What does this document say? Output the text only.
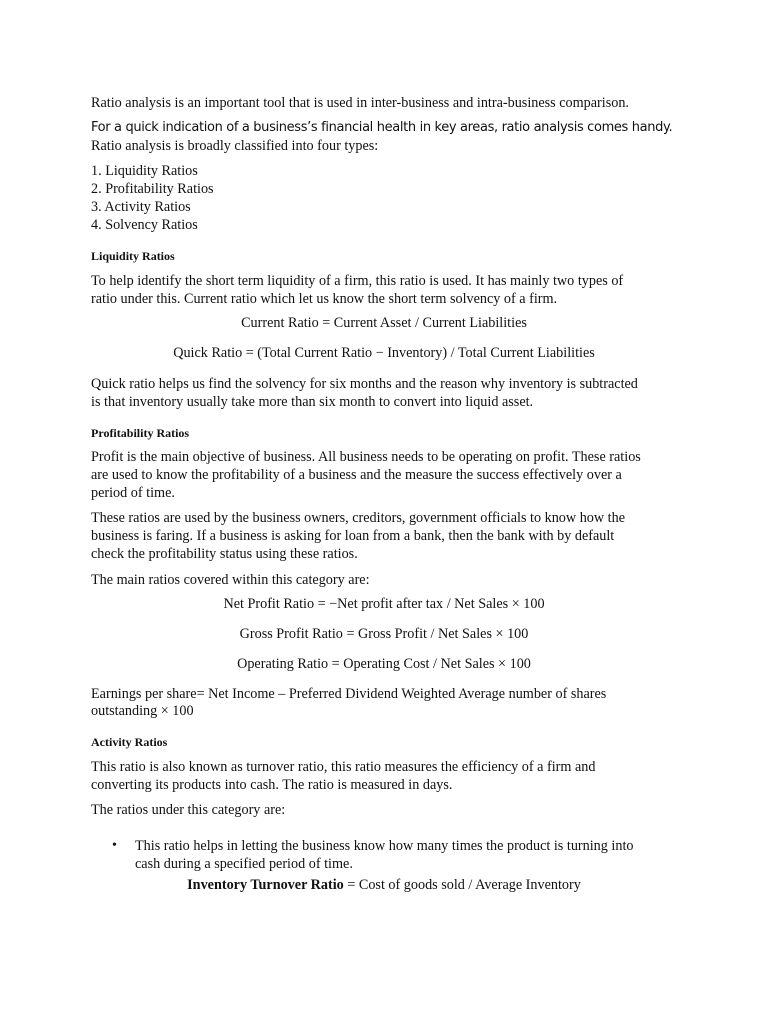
Ratio analysis is an important tool that is used in inter-business and intra-business comparison.
For a quick indication of a business’s financial health in key areas, ratio analysis comes handy.
Ratio analysis is broadly classified into four types:
1. Liquidity Ratios
2. Profitability Ratios
3. Activity Ratios
4. Solvency Ratios
Liquidity Ratios
To help identify the short term liquidity of a firm, this ratio is used. It has mainly two types of
ratio under this. Current ratio which let us know the short term solvency of a firm.
Current Ratio = Current Asset / Current Liabilities
Quick Ratio = (Total Current Ratio − Inventory) / Total Current Liabilities
Quick ratio helps us find the solvency for six months and the reason why inventory is subtracted
is that inventory usually take more than six month to convert into liquid asset.
Profitability Ratios
Profit is the main objective of business. All business needs to be operating on profit. These ratios
are used to know the profitability of a business and the measure the success effectively over a
period of time.
These ratios are used by the business owners, creditors, government officials to know how the
business is faring. If a business is asking for loan from a bank, then the bank with by default
check the profitability status using these ratios.
The main ratios covered within this category are:
Net Profit Ratio = −Net profit after tax / Net Sales × 100
Gross Profit Ratio = Gross Profit / Net Sales × 100
Operating Ratio = Operating Cost / Net Sales × 100
Earnings per share= Net Income – Preferred Dividend Weighted Average number of shares
outstanding × 100
Activity Ratios
This ratio is also known as turnover ratio, this ratio measures the efficiency of a firm and
converting its products into cash. The ratio is measured in days.
The ratios under this category are:
• This ratio helps in letting the business know how many times the product is turning into
cash during a specified period of time.
Inventory Turnover Ratio = Cost of goods sold / Average Inventory
